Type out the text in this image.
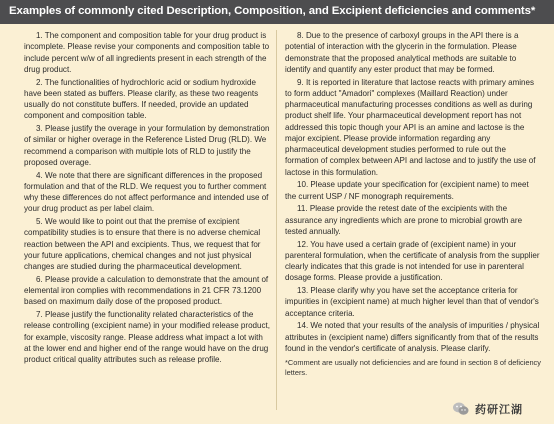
Examples of commonly cited Description, Composition, and Excipient deficiencies and comments*

1. The component and composition table for your drug product is incomplete. Please revise your components and composition table to include percent w/w of all ingredients present in each strength of the drug product.

2. The functionalities of hydrochloric acid or sodium hydroxide have been stated as buffers. Please clarify, as these two reagents usually do not constitute buffers. If needed, provide an updated component and composition table.

3. Please justify the overage in your formulation by demonstration of similar or higher overage in the Reference Listed Drug (RLD). We recommend a comparison with multiple lots of RLD to justify the proposed overage.

4. We note that there are significant differences in the proposed formulation and that of the RLD. We request you to further comment why these differences do not affect performance and intended use of your drug product as per label claim.

5. We would like to point out that the premise of excipient compatibility studies is to ensure that there is no adverse chemical reaction between the API and excipients. Thus, we request that for your future applications, chemical changes and not just physical changes are studied during the pharmaceutical development.

6. Please provide a calculation to demonstrate that the amount of elemental iron complies with recommendations in 21 CFR 73.1200 based on maximum daily dose of the proposed product.

7. Please justify the functionality related characteristics of the release controlling (excipient name) in your modified release product, for example, viscosity range. Please address what impact a lot with at the lower end and higher end of the range would have on the drug product critical quality attributes such as release profile.

8. Due to the presence of carboxyl groups in the API there is a potential of interaction with the glycerin in the formulation. Please demonstrate that the proposed analytical methods are suitable to identify and quantify any ester product that may be formed.

9. It is reported in literature that lactose reacts with primary amines to form adduct "Amadori" complexes (Maillard Reaction) under pharmaceutical manufacturing processes conditions as well as during product shelf life. Your pharmaceutical development report has not addressed this topic though your API is an amine and lactose is the major excipient. Please provide information regarding any pharmaceutical development studies performed to rule out the formation of complex between API and lactose and to justify the use of lactose in this formulation.

10. Please update your specification for (excipient name) to meet the current USP / NF monograph requirements.

11. Please provide the retest date of the excipients with the assurance any ingredients which are prone to microbial growth are tested annually.

12. You have used a certain grade of (excipient name) in your parenteral formulation, when the certificate of analysis from the supplier clearly indicates that this grade is not intended for use in parenteral dosage forms. Please provide a justification.

13. Please clarify why you have set the acceptance criteria for impurities in (excipient name) at much higher level than that of vendor's acceptance criteria.

14. We noted that your results of the analysis of impurities / physical attributes in (excipient name) differs significantly from that of the results found in the vendor's certificate of analysis. Please clarify.

*Comment are usually not deficiencies and are found in section 8 of deficiency letters.

药研江湖
